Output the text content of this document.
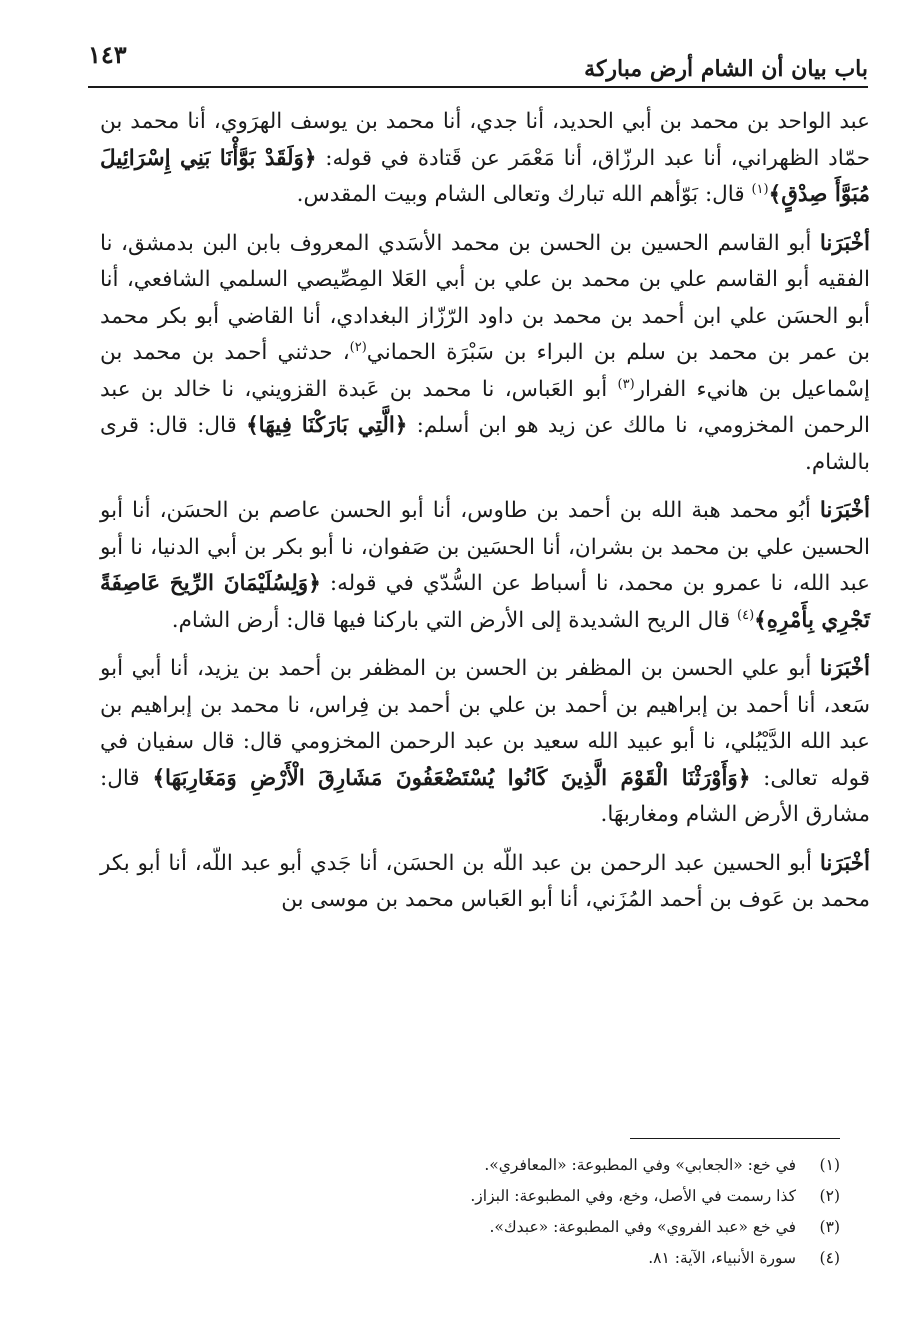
باب بيان أن الشام أرض مباركة
١٤٣

عبد الواحد بن محمد بن أبي الحديد، أنا جدي، أنا محمد بن يوسف الهرَوي، أنا محمد بن حمّاد الظهراني، أنا عبد الرزّاق، أنا مَعْمَر عن قَتادة في قوله: ﴿وَلَقَدْ بَوَّأْنَا بَنِي إِسْرَائِيلَ مُبَوَّأَ صِدْقٍ﴾$^{(١)}$ قال: بَوّأهم الله تبارك وتعالى الشام وبيت المقدس.

أخْبَرَنا أبو القاسم الحسين بن الحسن بن محمد الأسَدي المعروف بابن البن بدمشق، نا الفقيه أبو القاسم علي بن محمد بن علي بن أبي العَلا المِصِّيصي السلمي الشافعي، أنا أبو الحسَن علي ابن أحمد بن محمد بن داود الرّزّاز البغدادي، أنا القاضي أبو بكر محمد بن عمر بن محمد بن سلم بن البراء بن سَبْرَة الحماني$^{(٢)}$، حدثني أحمد بن محمد بن إسْماعيل بن هانيء الفرار$^{(٣)}$ أبو العَباس، نا محمد بن عَبدة القزويني، نا خالد بن عبد الرحمن المخزومي، نا مالك عن زيد هو ابن أسلم: ﴿الَّتِي بَارَكْنَا فِيهَا﴾ قال: قال: قرى بالشام.

أخْبَرَنا أبُو محمد هبة الله بن أحمد بن طاوس، أنا أبو الحسن عاصم بن الحسَن، أنا أبو الحسين علي بن محمد بن بشران، أنا الحسَين بن صَفوان، نا أبو بكر بن أبي الدنيا، نا أبو عبد الله، نا عمرو بن محمد، نا أسباط عن السُّدّي في قوله: ﴿وَلِسُلَيْمَانَ الرِّيحَ عَاصِفَةً تَجْرِي بِأَمْرِهِ﴾$^{(٤)}$ قال الريح الشديدة إلى الأرض التي باركنا فيها قال: أرض الشام.

أخْبَرَنا أبو علي الحسن بن المظفر بن الحسن بن المظفر بن أحمد بن يزيد، أنا أبي أبو سَعد، أنا أحمد بن إبراهيم بن أحمد بن علي بن أحمد بن فِراس، نا محمد بن إبراهيم بن عبد الله الدَّيْبُلي، نا أبو عبيد الله سعيد بن عبد الرحمن المخزومي قال: قال سفيان في قوله تعالى: ﴿وَأَوْرَثْنَا الْقَوْمَ الَّذِينَ كَانُوا يُسْتَضْعَفُونَ مَشَارِقَ الْأَرْضِ وَمَغَارِبَهَا﴾ قال: مشارق الأرض الشام ومغاربهَا.

أخْبَرَنا أبو الحسين عبد الرحمن بن عبد اللّه بن الحسَن، أنا جَدي أبو عبد اللّه، أنا أبو بكر محمد بن عَوف بن أحمد المُزَني، أنا أبو العَباس محمد بن موسى بن

(١)
في خع: «الجعابي» وفي المطبوعة: «المعافري».
(٢)
كذا رسمت في الأصل، وخع، وفي المطبوعة: البزاز.
(٣)
في خع «عبد الفروي» وفي المطبوعة: «عبدك».
(٤)
سورة الأنبياء، الآية: ٨١.
